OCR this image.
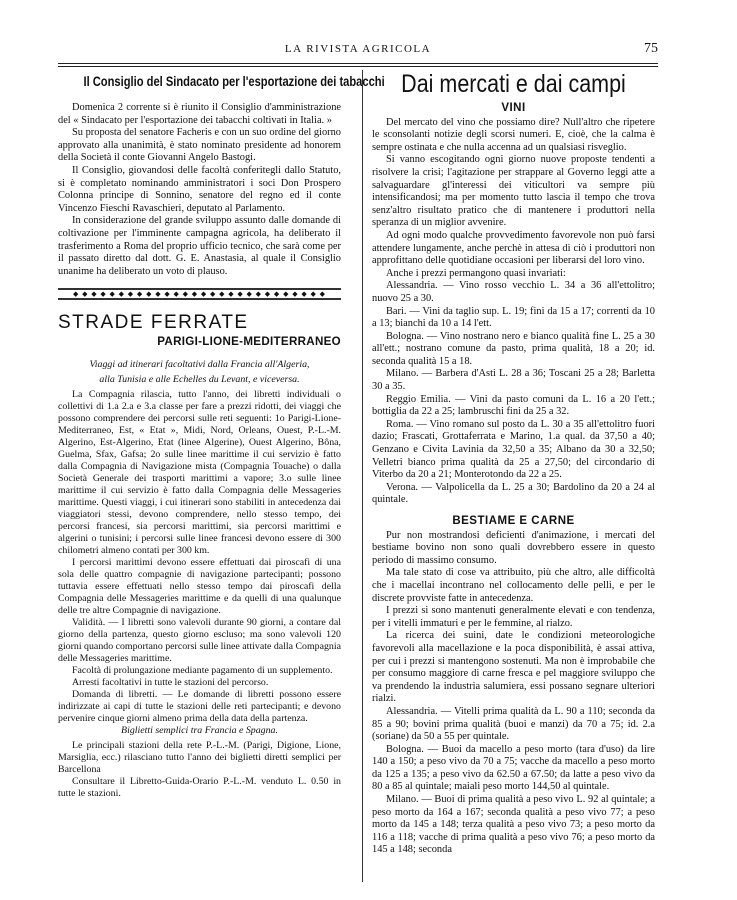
LA RIVISTA AGRICOLA	75
Il Consiglio del Sindacato per l'esportazione dei tabacchi

Domenica 2 corrente si è riunito il Consiglio d'amministrazione del « Sindacato per l'esportazione dei tabacchi coltivati in Italia. »

Su proposta del senatore Facheris e con un suo ordine del giorno approvato alla unanimità, è stato nominato presidente ad honorem della Società il conte Giovanni Angelo Bastogi.

Il Consiglio, giovandosi delle facoltà conferitegli dallo Statuto, si è completato nominando amministratori i soci Don Prospero Colonna principe di Sonnino, senatore del regno ed il conte Vincenzo Fieschi Ravaschieri, deputato al Parlamento.

In considerazione del grande sviluppo assunto dalle domande di coltivazione per l'imminente campagna agricola, ha deliberato il trasferimento a Roma del proprio ufficio tecnico, che sarà come per il passato diretto dal dott. G. E. Anastasia, al quale il Consiglio unanime ha deliberato un voto di plauso.

◆ ◆ ◆ ◆ ◆ ◆ ◆ ◆ ◆ ◆ ◆ ◆ ◆ ◆ ◆ ◆ ◆ ◆ ◆ ◆ ◆ ◆ ◆ ◆ ◆ ◆ ◆ ◆
STRADE FERRATE
PARIGI-LIONE-MEDITERRANEO

Viaggi ad itinerari facoltativi dalla Francia all'Algeria,

alla Tunisia e alle Echelles du Levant, e viceversa.

La Compagnia rilascia, tutto l'anno, dei libretti individuali o collettivi di 1.a 2.a e 3.a classe per fare a prezzi ridotti, dei viaggi che possono comprendere dei percorsi sulle reti seguenti: 1o Parigi-Lione-Mediterraneo, Est, « Etat », Midi, Nord, Orleans, Ouest, P.-L.-M. Algerino, Est-Algerino, Etat (linee Algerine), Ouest Algerino, Bôna, Guelma, Sfax, Gafsa; 2o sulle linee marittime il cui servizio è fatto dalla Compagnia di Navigazione mista (Compagnia Touache) o dalla Società Generale dei trasporti marittimi a vapore; 3.o sulle linee marittime il cui servizio è fatto dalla Compagnia delle Messageries marittime. Questi viaggi, i cui itinerari sono stabiliti in antecedenza dai viaggiatori stessi, devono comprendere, nello stesso tempo, dei percorsi francesi, sia percorsi marittimi, sia percorsi marittimi e algerini o tunisini; i percorsi sulle linee francesi devono essere di 300 chilometri almeno contati per 300 km.

I percorsi marittimi devono essere effettuati dai piroscafi di una sola delle quattro compagnie di navigazione partecipanti; possono tuttavia essere effettuati nello stesso tempo dai piroscafi della Compagnia delle Messageries marittime e da quelli di una qualunque delle tre altre Compagnie di navigazione.

Validità. — I libretti sono valevoli durante 90 giorni, a contare dal giorno della partenza, questo giorno escluso; ma sono valevoli 120 giorni quando comportano percorsi sulle linee attivate dalla Compagnia delle Messageries marittime.

Facoltà di prolungazione mediante pagamento di un supplemento.

Arresti facoltativi in tutte le stazioni del percorso.

Domanda di libretti. — Le domande di libretti possono essere indirizzate ai capi di tutte le stazioni delle reti partecipanti; e devono pervenire cinque giorni almeno prima della data della partenza.

Biglietti semplici tra Francia e Spagna.

Le principali stazioni della rete P.-L.-M. (Parigi, Digione, Lione, Marsiglia, ecc.) rilasciano tutto l'anno dei biglietti diretti semplici per Barcellona

Consultare il Libretto-Guida-Orario P.-L.-M. venduto L. 0.50 in tutte le stazioni.

Dai mercati e dai campi
VINI

Del mercato del vino che possiamo dire? Null'altro che ripetere le sconsolanti notizie degli scorsi numeri. E, cioè, che la calma è sempre ostinata e che nulla accenna ad un qualsiasi risveglio.

Si vanno escogitando ogni giorno nuove proposte tendenti a risolvere la crisi; l'agitazione per strappare al Governo leggi atte a salvaguardare gl'interessi dei viticultori va sempre più intensificandosi; ma per momento tutto lascia il tempo che trova senz'altro risultato pratico che di mantenere i produttori nella speranza di un miglior avvenire.

Ad ogni modo qualche provvedimento favorevole non può farsi attendere lungamente, anche perchè in attesa di ciò i produttori non approfittano delle quotidiane occasioni per liberarsi del loro vino.

Anche i prezzi permangono quasi invariati:

Alessandria. — Vino rosso vecchio L. 34 a 36 all'ettolitro; nuovo 25 a 30.

Bari. — Vini da taglio sup. L. 19; fini da 15 a 17; correnti da 10 a 13; bianchi da 10 a 14 l'ett.

Bologna. — Vino nostrano nero e bianco qualità fine L. 25 a 30 all'ett.; nostrano comune da pasto, prima qualità, 18 a 20; id. seconda qualità 15 a 18.

Milano. — Barbera d'Asti L. 28 a 36; Toscani 25 a 28; Barletta 30 a 35.

Reggio Emilia. — Vini da pasto comuni da L. 16 a 20 l'ett.; bottiglia da 22 a 25; lambruschi fini da 25 a 32.

Roma. — Vino romano sul posto da L. 30 a 35 all'ettolitro fuori dazio; Frascati, Grottaferrata e Marino, 1.a qual. da 37,50 a 40; Genzano e Civita Lavinia da 32,50 a 35; Albano da 30 a 32,50; Velletri bianco prima qualità da 25 a 27,50; del circondario di Viterbo da 20 a 21; Monterotondo da 22 a 25.

Verona. — Valpolicella da L. 25 a 30; Bardolino da 20 a 24 al quintale.

BESTIAME E CARNE

Pur non mostrandosi deficienti d'animazione, i mercati del bestiame bovino non sono quali dovrebbero essere in questo periodo di massimo consumo.

Ma tale stato di cose va attribuito, più che altro, alle difficoltà che i macellai incontrano nel collocamento delle pelli, e per le discrete provviste fatte in antecedenza.

I prezzi si sono mantenuti generalmente elevati e con tendenza, per i vitelli immaturi e per le femmine, al rialzo.

La ricerca dei suini, date le condizioni meteorologiche favorevoli alla macellazione e la poca disponibilità, è assai attiva, per cui i prezzi si mantengono sostenuti. Ma non è improbabile che per consumo maggiore di carne fresca e pel maggiore sviluppo che va prendendo la industria salumiera, essi possano segnare ulteriori rialzi.

Alessandria. — Vitelli prima qualità da L. 90 a 110; seconda da 85 a 90; bovini prima qualità (buoi e manzi) da 70 a 75; id. 2.a (soriane) da 50 a 55 per quintale.

Bologna. — Buoi da macello a peso morto (tara d'uso) da lire 140 a 150; a peso vivo da 70 a 75; vacche da macello a peso morto da 125 a 135; a peso vivo da 62.50 a 67.50; da latte a peso vivo da 80 a 85 al quintale; maiali peso morto 144,50 al quintale.

Milano. — Buoi di prima qualità a peso vivo L. 92 al quintale; a peso morto da 164 a 167; seconda qualità a peso vivo 77; a peso morto da 145 a 148; terza qualità a peso vivo 73; a peso morto da 116 a 118; vacche di prima qualità a peso vivo 76; a peso morto da 145 a 148; seconda
